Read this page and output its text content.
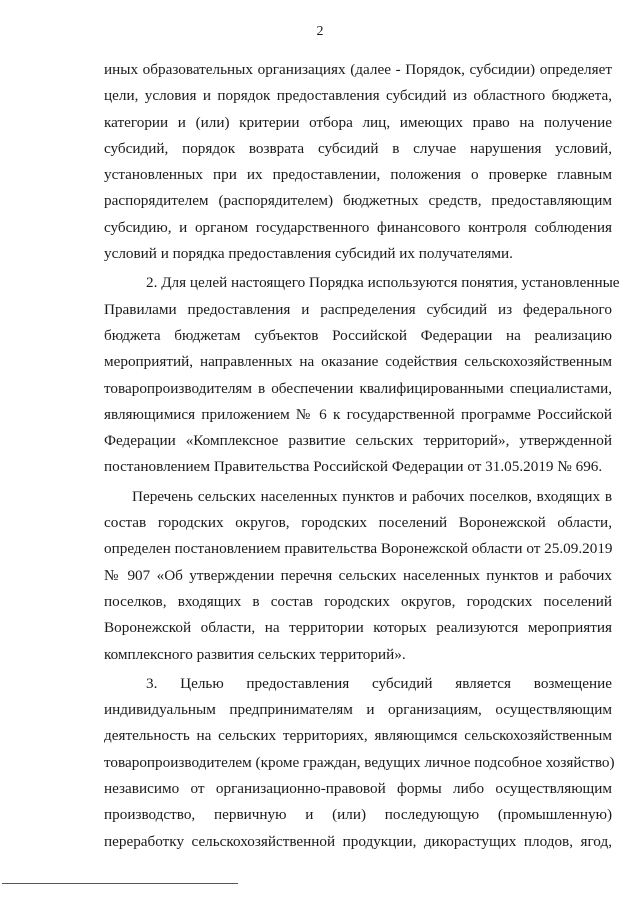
2
иных образовательных организациях (далее - Порядок, субсидии) определяет
цели, условия и порядок предоставления субсидий из областного бюджета,
категории и (или) критерии отбора лиц, имеющих право на получение
субсидий, порядок возврата субсидий в случае нарушения условий,
установленных при их предоставлении, положения о проверке главным
распорядителем (распорядителем) бюджетных средств, предоставляющим
субсидию, и органом государственного финансового контроля соблюдения
условий и порядка предоставления субсидий их получателями.
2. Для целей настоящего Порядка используются понятия, установленные
Правилами предоставления и распределения субсидий из федерального
бюджета бюджетам субъектов Российской Федерации на реализацию
мероприятий, направленных на оказание содействия сельскохозяйственным
товаропроизводителям в обеспечении квалифицированными специалистами,
являющимися приложением № 6 к государственной программе Российской
Федерации «Комплексное развитие сельских территорий», утвержденной
постановлением Правительства Российской Федерации от 31.05.2019 № 696.
Перечень сельских населенных пунктов и рабочих поселков, входящих в
состав городских округов, городских поселений Воронежской области,
определен постановлением правительства Воронежской области от 25.09.2019
№ 907 «Об утверждении перечня сельских населенных пунктов и рабочих
поселков, входящих в состав городских округов, городских поселений
Воронежской области, на территории которых реализуются мероприятия
комплексного развития сельских территорий».
3. Целью предоставления субсидий является возмещение
индивидуальным предпринимателям и организациям, осуществляющим
деятельность на сельских территориях, являющимся сельскохозяйственным
товаропроизводителем (кроме граждан, ведущих личное подсобное хозяйство)
независимо от организационно-правовой формы либо осуществляющим
производство, первичную и (или) последующую (промышленную)
переработку сельскохозяйственной продукции, дикорастущих плодов, ягод,
